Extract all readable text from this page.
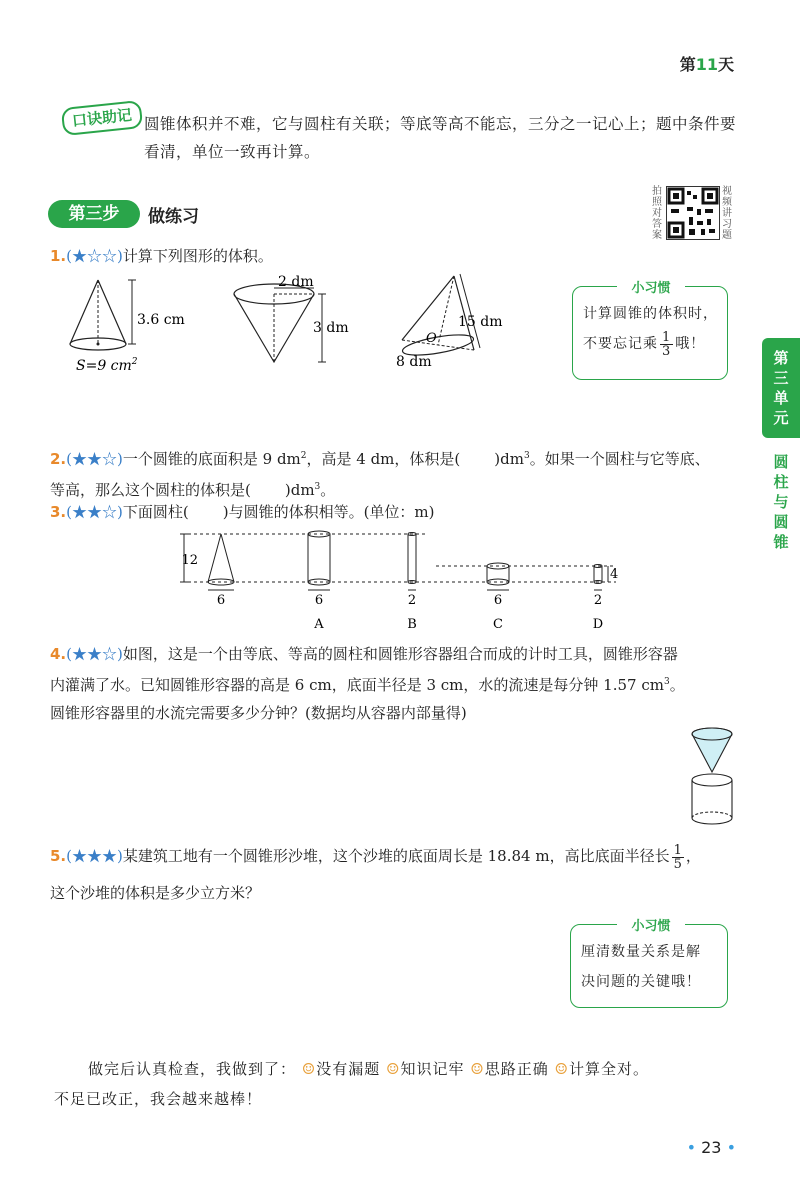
第11天
口诀助记 圆锥体积并不难，它与圆柱有关联；等底等高不能忘，三分之一记心上；题中条件要看清，单位一致再计算。
第三步	做练习
拍照对答案
视频讲习题
第三单元
圆柱与圆锥
1.(★☆☆)计算下列图形的体积。
3.6 cm
S=9 $cm^2$
2 dm
3 dm	15 dm
O
8 dm
小习惯
计算圆锥的体积时，
不要忘记乘 $\frac{1}{3}$ 哦！
2.(★★☆)一个圆锥的底面积是 9 $dm^2$，高是 4 dm，体积是( )$dm^3$。如果一个圆柱与它等底、
等高，那么这个圆柱的体积是( )$dm^3$。
3.(★★☆)下面圆柱( )与圆锥的体积相等。(单位：m)
12
6	6	2	6	2
4
A	B	C	D
4.(★★☆)如图，这是一个由等底、等高的圆柱和圆锥形容器组合而成的计时工具，圆锥形容器
内灌满了水。已知圆锥形容器的高是 6 cm，底面半径是 3 cm，水的流速是每分钟 1.57 $cm^3$。
圆锥形容器里的水流完需要多少分钟？(数据均从容器内部量得)
5.(★★★)某建筑工地有一个圆锥形沙堆，这个沙堆的底面周长是 18.84 m，高比底面半径长 $\frac{1}{5}$ ，
这个沙堆的体积是多少立方米？
小习惯
厘清数量关系是解
决问题的关键哦！
做完后认真检查，我做到了： ☺没有漏题 ☺知识记牢 ☺思路正确 ☺计算全对。
不足已改正，我会越来越棒！
• 23 •
